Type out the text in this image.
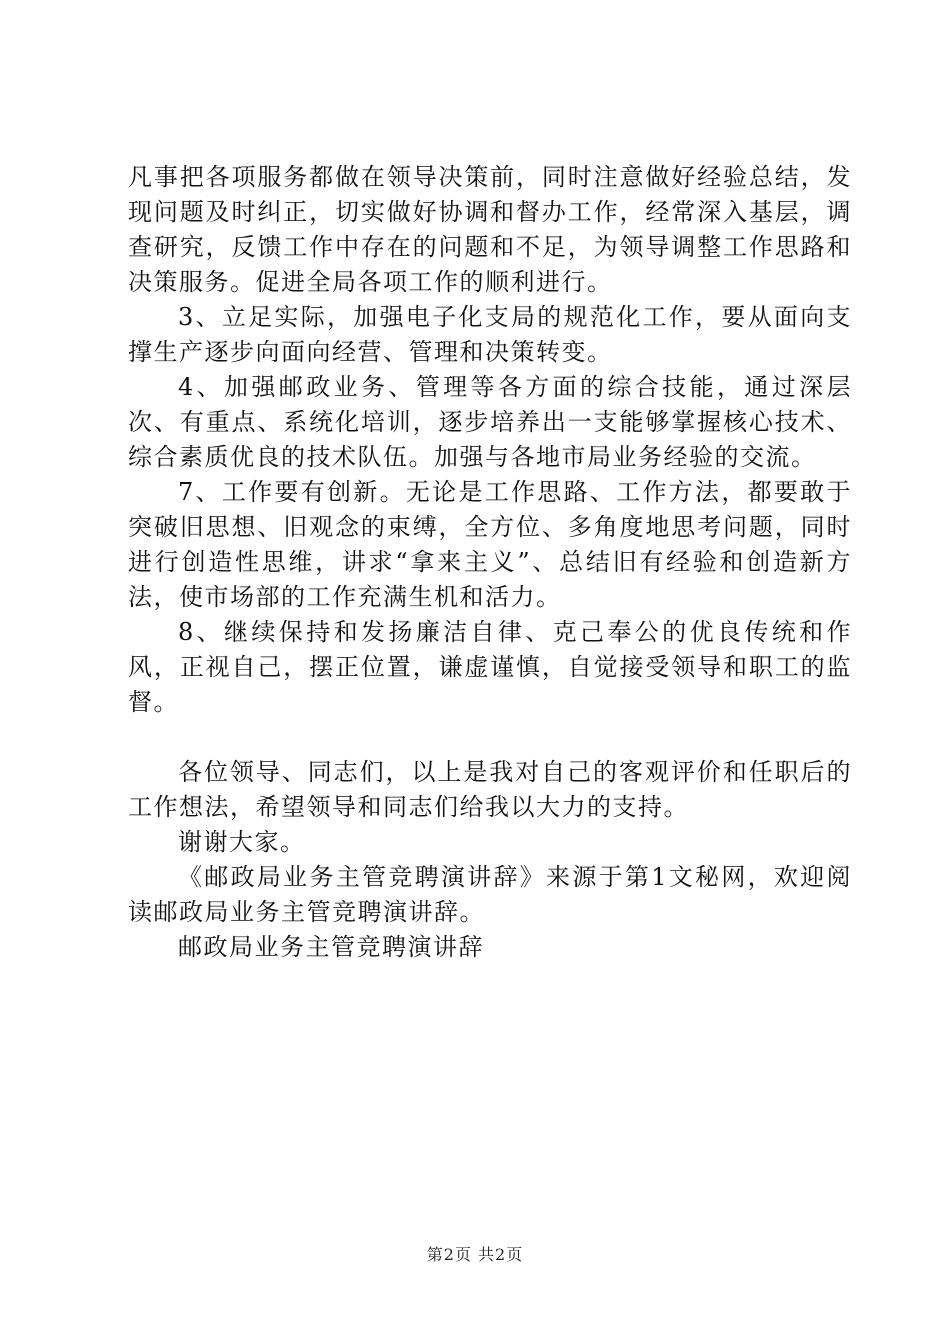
凡事把各项服务都做在领导决策前，同时注意做好经验总结，发现问题及时纠正，切实做好协调和督办工作，经常深入基层，调查研究，反馈工作中存在的问题和不足，为领导调整工作思路和决策服务。促进全局各项工作的顺利进行。

3、立足实际，加强电子化支局的规范化工作，要从面向支撑生产逐步向面向经营、管理和决策转变。

4、加强邮政业务、管理等各方面的综合技能，通过深层次、有重点、系统化培训，逐步培养出一支能够掌握核心技术、综合素质优良的技术队伍。加强与各地市局业务经验的交流。

7、工作要有创新。无论是工作思路、工作方法，都要敢于突破旧思想、旧观念的束缚，全方位、多角度地思考问题，同时进行创造性思维，讲求“拿来主义”、总结旧有经验和创造新方法，使市场部的工作充满生机和活力。

8、继续保持和发扬廉洁自律、克己奉公的优良传统和作风，正视自己，摆正位置，谦虚谨慎，自觉接受领导和职工的监督。

各位领导、同志们，以上是我对自己的客观评价和任职后的工作想法，希望领导和同志们给我以大力的支持。

谢谢大家。

《邮政局业务主管竞聘演讲辞》来源于第1文秘网，欢迎阅读邮政局业务主管竞聘演讲辞。

邮政局业务主管竞聘演讲辞

第2页 共2页
